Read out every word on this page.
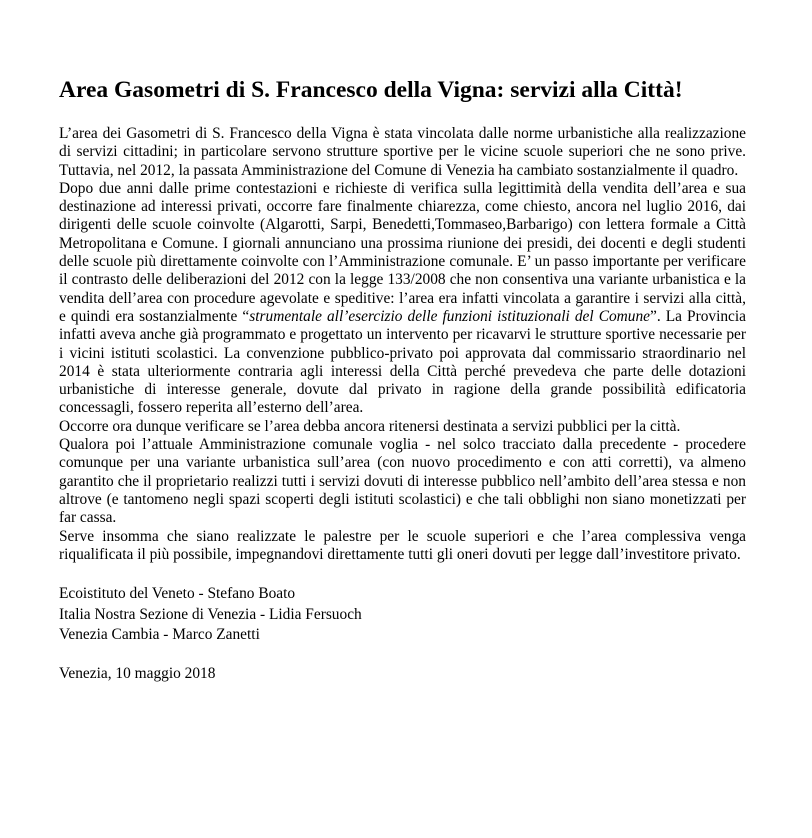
Area Gasometri di S. Francesco della Vigna: servizi alla Città!

L’area dei Gasometri di S. Francesco della Vigna è stata vincolata dalle norme urbanistiche alla realizzazione di servizi cittadini; in particolare servono strutture sportive per le vicine scuole superiori che ne sono prive. Tuttavia, nel 2012, la passata Amministrazione del Comune di Venezia ha cambiato sostanzialmente il quadro.

Dopo due anni dalle prime contestazioni e richieste di verifica sulla legittimità della vendita dell’area e sua destinazione ad interessi privati, occorre fare finalmente chiarezza, come chiesto, ancora nel luglio 2016, dai dirigenti delle scuole coinvolte (Algarotti, Sarpi, Benedetti,Tommaseo,Barbarigo) con lettera formale a Città Metropolitana e Comune. I giornali annunciano una prossima riunione dei presidi, dei docenti e degli studenti delle scuole più direttamente coinvolte con l’Amministrazione comunale. E’ un passo importante per verificare il contrasto delle deliberazioni del 2012 con la legge 133/2008 che non consentiva una variante urbanistica e la vendita dell’area con procedure agevolate e speditive: l’area era infatti vincolata a garantire i servizi alla città, e quindi era sostanzialmente “strumentale all’esercizio delle funzioni istituzionali del Comune”. La Provincia infatti aveva anche già programmato e progettato un intervento per ricavarvi le strutture sportive necessarie per i vicini istituti scolastici. La convenzione pubblico-privato poi approvata dal commissario straordinario nel 2014 è stata ulteriormente contraria agli interessi della Città perché prevedeva che parte delle dotazioni urbanistiche di interesse generale, dovute dal privato in ragione della grande possibilità edificatoria concessagli, fossero reperita all’esterno dell’area.

Occorre ora dunque verificare se l’area debba ancora ritenersi destinata a servizi pubblici per la città.

Qualora poi l’attuale Amministrazione comunale voglia - nel solco tracciato dalla precedente - procedere comunque per una variante urbanistica sull’area (con nuovo procedimento e con atti corretti), va almeno garantito che il proprietario realizzi tutti i servizi dovuti di interesse pubblico nell’ambito dell’area stessa e non altrove (e tantomeno negli spazi scoperti degli istituti scolastici) e che tali obblighi non siano monetizzati per far cassa.

Serve insomma che siano realizzate le palestre per le scuole superiori e che l’area complessiva venga riqualificata il più possibile, impegnandovi direttamente tutti gli oneri dovuti per legge dall’investitore privato.

Ecoistituto del Veneto - Stefano Boato

Italia Nostra Sezione di Venezia - Lidia Fersuoch

Venezia Cambia - Marco Zanetti

Venezia, 10 maggio 2018
